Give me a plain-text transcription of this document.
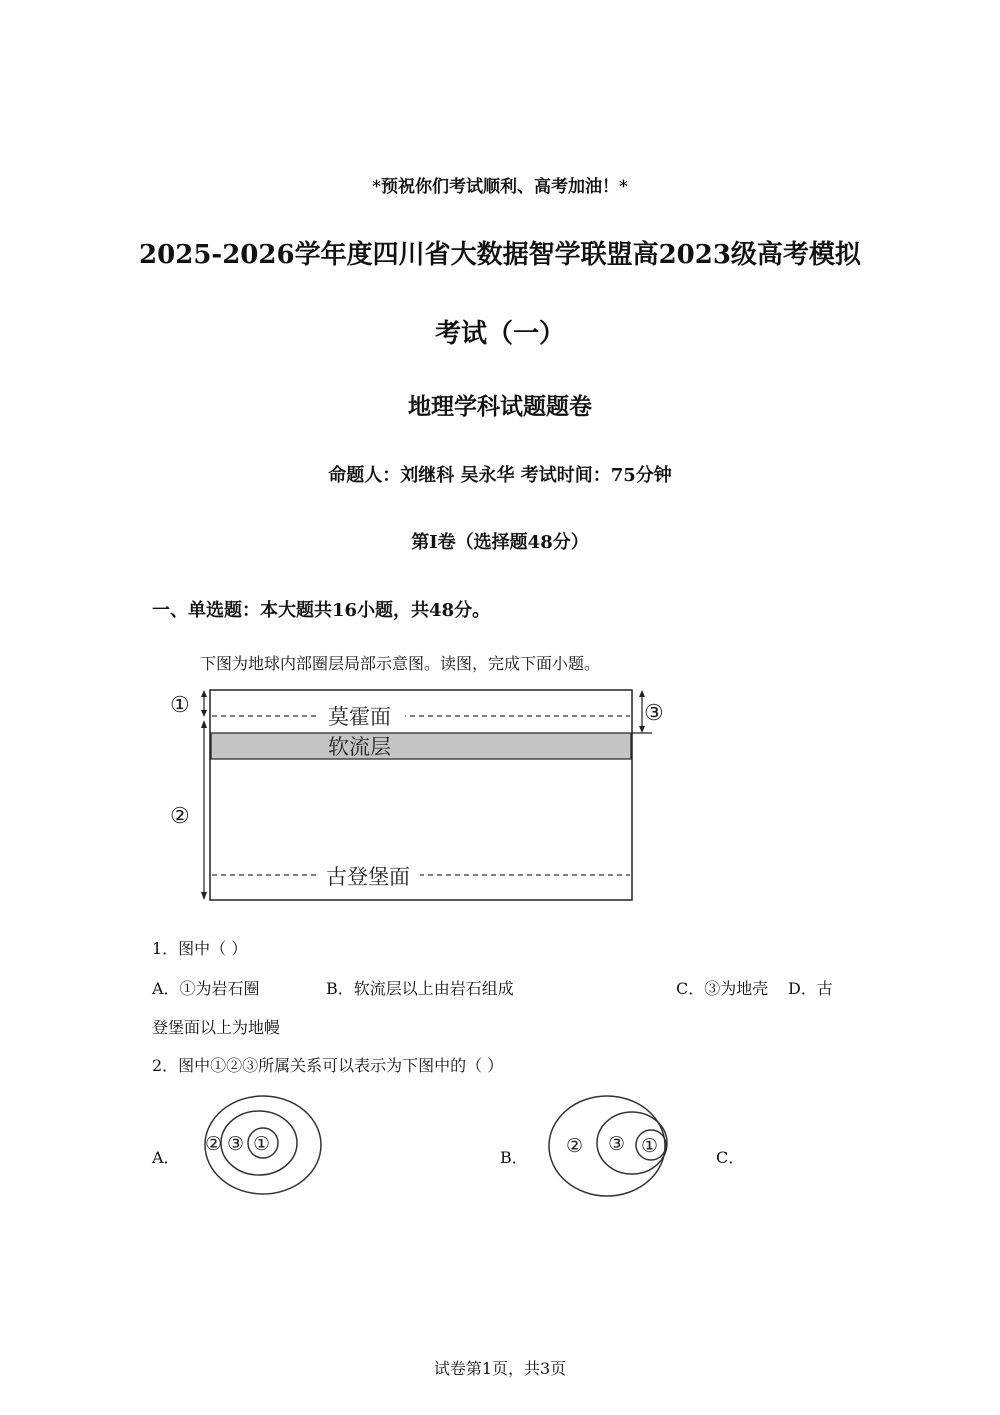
*预祝你们考试顺利、高考加油！*
2025-2026学年度四川省大数据智学联盟高2023级高考模拟
考试（一）
地理学科试题题卷
命题人：刘继科 吴永华 考试时间：75分钟
第I卷（选择题48分）
一、单选题：本大题共16小题，共48分。
下图为地球内部圈层局部示意图。读图，完成下面小题。
莫霍面
软流层
古登堡面
①
②
③
1．图中（ ）
A．①为岩石圈	B．软流层以上由岩石组成	C．③为地壳 D．古
登堡面以上为地幔
2．图中①②③所属关系可以表示为下图中的（ ）
A．
② ③ ①
B．
② ③ ①
C．
试卷第1页，共3页
